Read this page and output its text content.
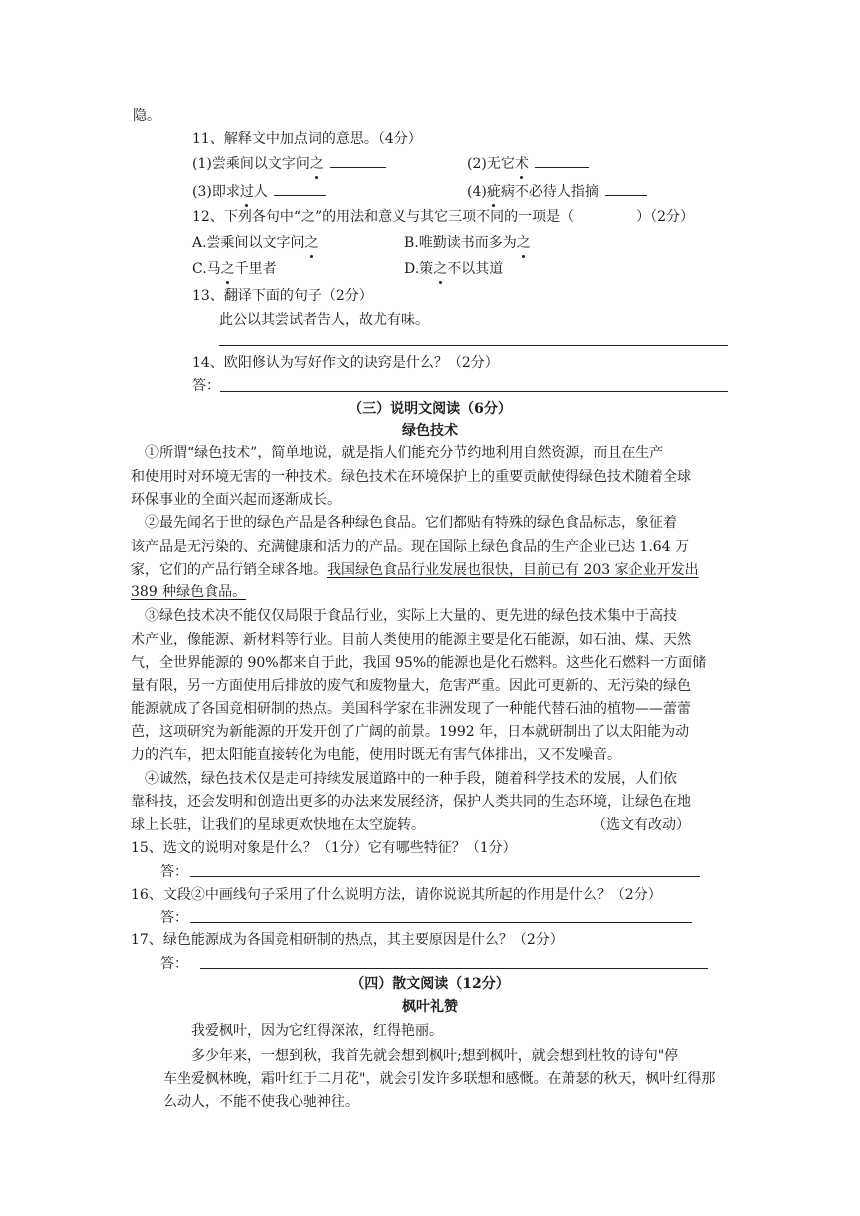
隐。
11、解释文中加点词的意思。（4分）
(1)尝乘间以文字问之	(2)无它术
(3)即求过人	(4)疵病不必待人指摘
12、下列各句中“之”的用法和意义与其它三项不同的一项是（	）（2分）
A.尝乘间以文字问之	B.唯勤读书而多为之
C.马之千里者	D.策之不以其道
13、翻译下面的句子（2分）
此公以其尝试者告人，故尤有味。
14、欧阳修认为写好作文的诀窍是什么？（2分）
答：
（三）说明文阅读（6分）
绿色技术
①所谓“绿色技术”，简单地说，就是指人们能充分节约地利用自然资源，而且在生产
和使用时对环境无害的一种技术。绿色技术在环境保护上的重要贡献使得绿色技术随着全球
环保事业的全面兴起而逐渐成长。
②最先闻名于世的绿色产品是各种绿色食品。它们都贴有特殊的绿色食品标志，象征着
该产品是无污染的、充满健康和活力的产品。现在国际上绿色食品的生产企业已达 1.64 万
家，它们的产品行销全球各地。我国绿色食品行业发展也很快，目前已有 203 家企业开发出
389 种绿色食品。
③绿色技术决不能仅仅局限于食品行业，实际上大量的、更先进的绿色技术集中于高技
术产业，像能源、新材料等行业。目前人类使用的能源主要是化石能源，如石油、煤、天然
气，全世界能源的 90%都来自于此，我国 95%的能源也是化石燃料。这些化石燃料一方面储
量有限，另一方面使用后排放的废气和废物量大，危害严重。因此可更新的、无污染的绿色
能源就成了各国竞相研制的热点。美国科学家在非洲发现了一种能代替石油的植物——蕾蕾
芭，这项研究为新能源的开发开创了广阔的前景。1992 年，日本就研制出了以太阳能为动
力的汽车，把太阳能直接转化为电能，使用时既无有害气体排出，又不发噪音。
④诚然，绿色技术仅是走可持续发展道路中的一种手段，随着科学技术的发展，人们依
靠科技，还会发明和创造出更多的办法来发展经济，保护人类共同的生态环境，让绿色在地
球上长驻，让我们的星球更欢快地在太空旋转。	（选文有改动）
15、选文的说明对象是什么？（1分）它有哪些特征？（1分）
答：
16、文段②中画线句子采用了什么说明方法，请你说说其所起的作用是什么？（2分）
答：
17、绿色能源成为各国竞相研制的热点，其主要原因是什么？（2分）
答：
（四）散文阅读（12分）
枫叶礼赞
我爱枫叶，因为它红得深浓，红得艳丽。
多少年来，一想到秋，我首先就会想到枫叶;想到枫叶，就会想到杜牧的诗句"停
车坐爱枫林晚，霜叶红于二月花"，就会引发许多联想和感慨。在萧瑟的秋天，枫叶红得那
么动人，不能不使我心驰神往。
